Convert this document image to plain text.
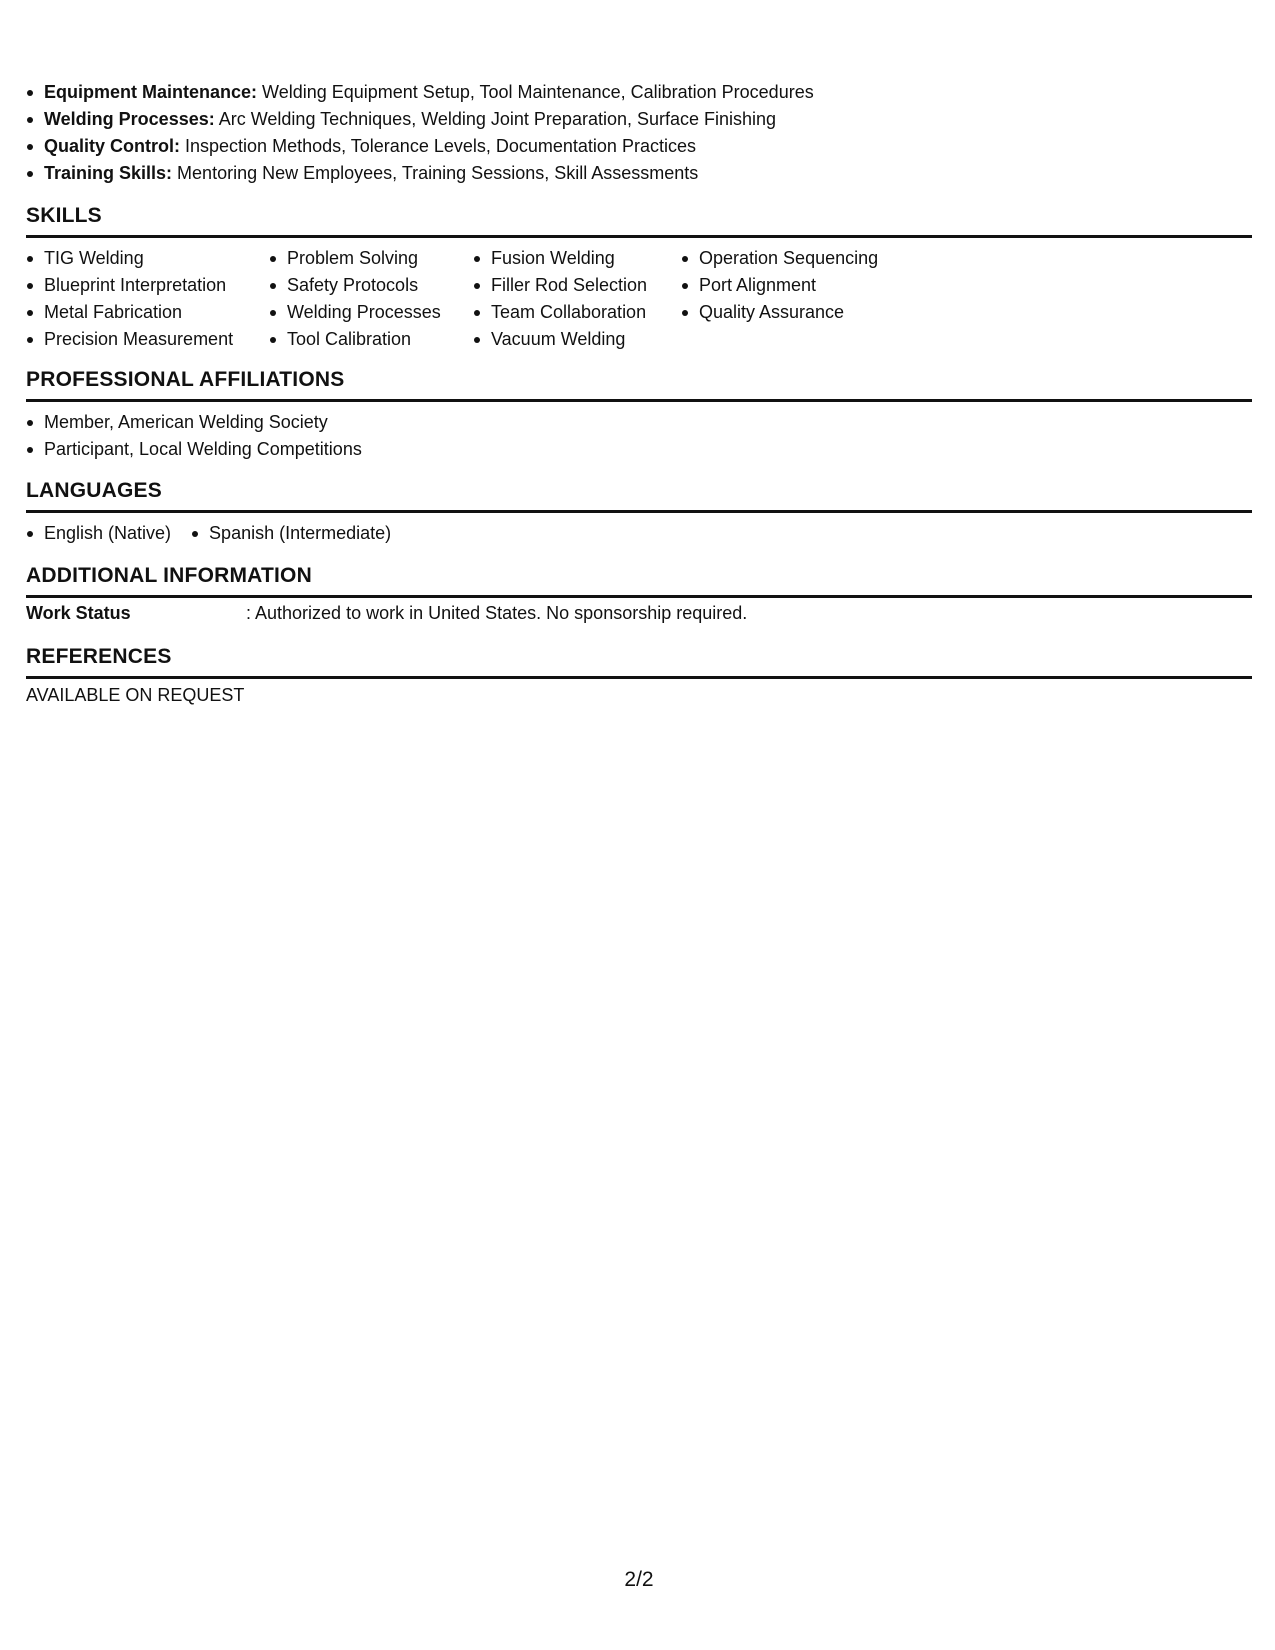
Equipment Maintenance: Welding Equipment Setup, Tool Maintenance, Calibration Procedures
Welding Processes: Arc Welding Techniques, Welding Joint Preparation, Surface Finishing
Quality Control: Inspection Methods, Tolerance Levels, Documentation Practices
Training Skills: Mentoring New Employees, Training Sessions, Skill Assessments
SKILLS
TIG Welding
Blueprint Interpretation
Metal Fabrication
Precision Measurement
Problem Solving
Safety Protocols
Welding Processes
Tool Calibration
Fusion Welding
Filler Rod Selection
Team Collaboration
Vacuum Welding
Operation Sequencing
Port Alignment
Quality Assurance
PROFESSIONAL AFFILIATIONS
Member, American Welding Society
Participant, Local Welding Competitions
LANGUAGES
English (Native)	Spanish (Intermediate)
ADDITIONAL INFORMATION
Work Status	: Authorized to work in United States. No sponsorship required.
REFERENCES
AVAILABLE ON REQUEST
2/2
